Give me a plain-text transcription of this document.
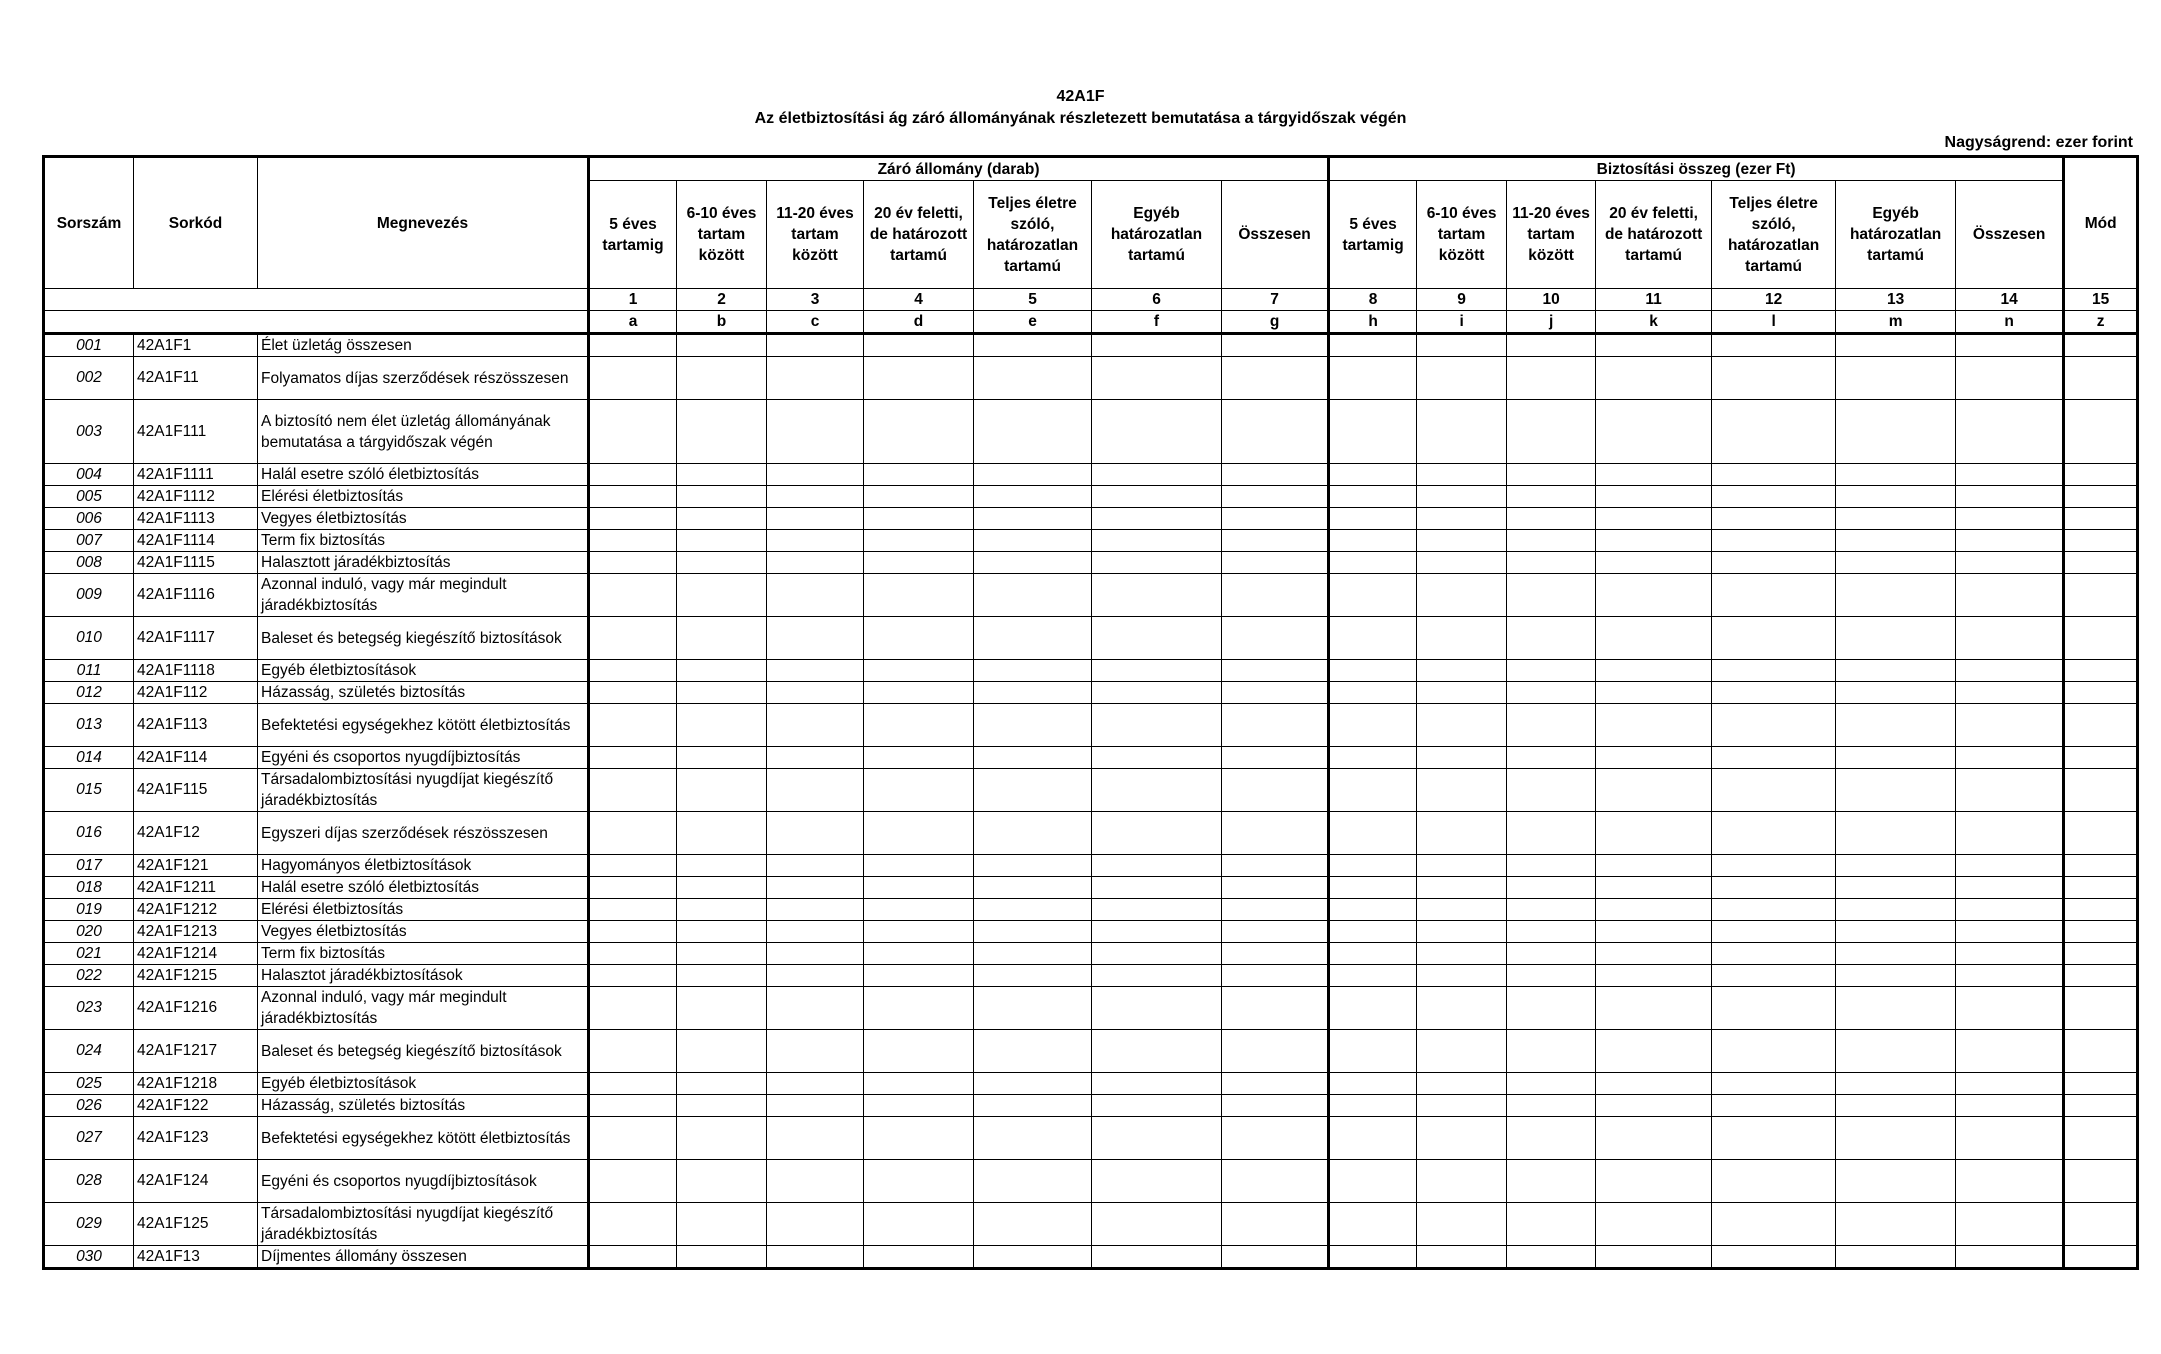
42A1F
Az életbiztosítási ág záró állományának részletezett bemutatása a tárgyidőszak végén
Nagyságrend: ezer forint
Sorszám	Sorkód	Megnevezés	Záró állomány (darab)							Biztosítási összeg (ezer Ft)							Mód
			5 éves tartamig	6-10 éves tartam között	11-20 éves tartam között	20 év feletti, de határozott tartamú	Teljes életre szóló, határozatlan tartamú	Egyéb határozatlan tartamú	Összesen	5 éves tartamig	6-10 éves tartam között	11-20 éves tartam között	20 év feletti, de határozott tartamú	Teljes életre szóló, határozatlan tartamú	Egyéb határozatlan tartamú	Összesen	
			1	2	3	4	5	6	7	8	9	10	11	12	13	14	15
			a	b	c	d	e	f	g	h	i	j	k	l	m	n	z
001	42A1F1	Élet üzletág összesen															
002	42A1F11	Folyamatos díjas szerződések részösszesen															
003	42A1F111	A biztosító nem élet üzletág állományának bemutatása a tárgyidőszak végén															
004	42A1F1111	Halál esetre szóló életbiztosítás															
005	42A1F1112	Elérési életbiztosítás															
006	42A1F1113	Vegyes életbiztosítás															
007	42A1F1114	Term fix biztosítás															
008	42A1F1115	Halasztott járadékbiztosítás															
009	42A1F1116	Azonnal induló, vagy már megindult járadékbiztosítás															
010	42A1F1117	Baleset és betegség kiegészítő biztosítások															
011	42A1F1118	Egyéb életbiztosítások															
012	42A1F112	Házasság, születés biztosítás															
013	42A1F113	Befektetési egységekhez kötött életbiztosítás															
014	42A1F114	Egyéni és csoportos nyugdíjbiztosítás															
015	42A1F115	Társadalombiztosítási nyugdíjat kiegészítő járadékbiztosítás															
016	42A1F12	Egyszeri díjas szerződések részösszesen															
017	42A1F121	Hagyományos életbiztosítások															
018	42A1F1211	Halál esetre szóló életbiztosítás															
019	42A1F1212	Elérési életbiztosítás															
020	42A1F1213	Vegyes életbiztosítás															
021	42A1F1214	Term fix biztosítás															
022	42A1F1215	Halasztot járadékbiztosítások															
023	42A1F1216	Azonnal induló, vagy már megindult járadékbiztosítás															
024	42A1F1217	Baleset és betegség kiegészítő biztosítások															
025	42A1F1218	Egyéb életbiztosítások															
026	42A1F122	Házasság, születés biztosítás															
027	42A1F123	Befektetési egységekhez kötött életbiztosítás															
028	42A1F124	Egyéni és csoportos nyugdíjbiztosítások															
029	42A1F125	Társadalombiztosítási nyugdíjat kiegészítő járadékbiztosítás															
030	42A1F13	Díjmentes állomány összesen															
